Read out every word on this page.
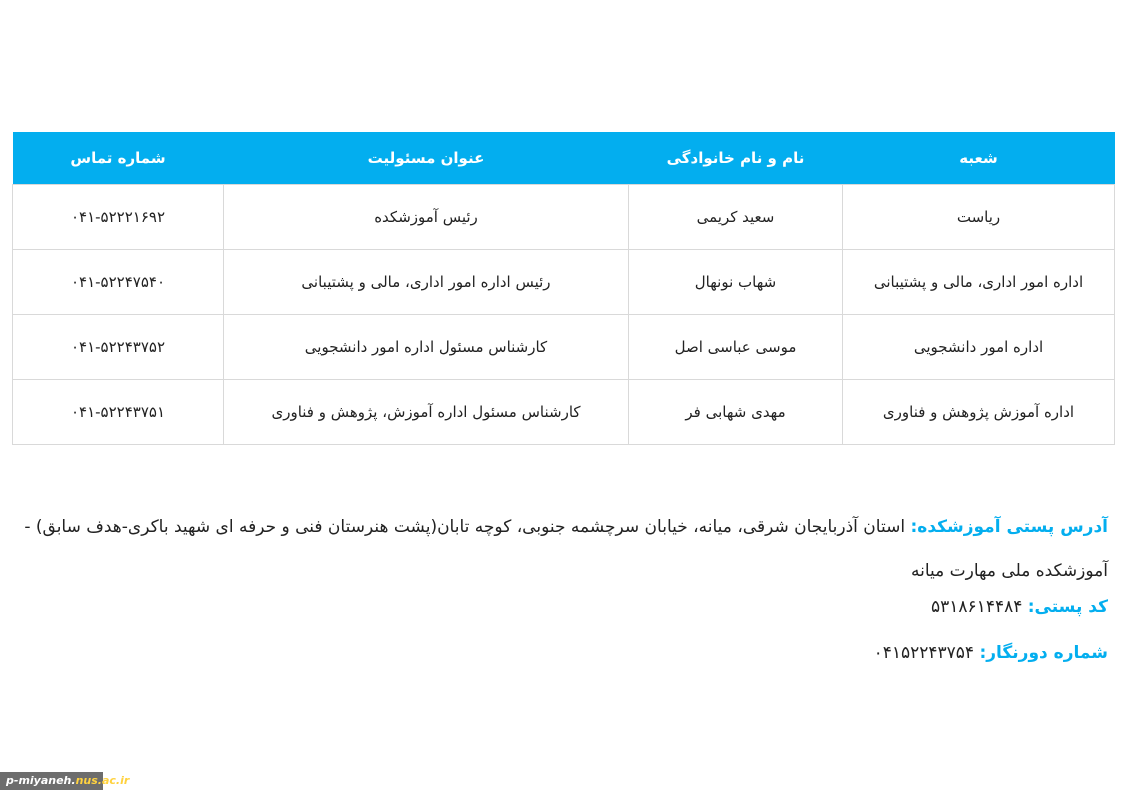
شعبه	نام و نام خانوادگی	عنوان مسئولیت	شماره تماس
ریاست	سعید کریمی	رئیس آموزشکده	۰۴۱-۵۲۲۲۱۶۹۲
اداره امور اداری، مالی و پشتیبانی	شهاب نونهال	رئیس اداره امور اداری، مالی و پشتیبانی	۰۴۱-۵۲۲۴۷۵۴۰
اداره امور دانشجویی	موسی عباسی اصل	کارشناس مسئول اداره امور دانشجویی	۰۴۱-۵۲۲۴۳۷۵۲
اداره آموزش پژوهش و فناوری	مهدی شهابی فر	کارشناس مسئول اداره آموزش، پژوهش و فناوری	۰۴۱-۵۲۲۴۳۷۵۱
آدرس پستی آموزشکده: استان آذربایجان شرقی، میانه، خیابان سرچشمه جنوبی، کوچه تابان(پشت هنرستان فنی و حرفه ای شهید باکری-هدف سابق) - آموزشکده ملی مهارت میانه
کد پستی: ۵۳۱۸۶۱۴۴۸۴
شماره دورنگار: ۰۴۱۵۲۲۴۳۷۵۴
p-miyaneh.nus.ac.ir
